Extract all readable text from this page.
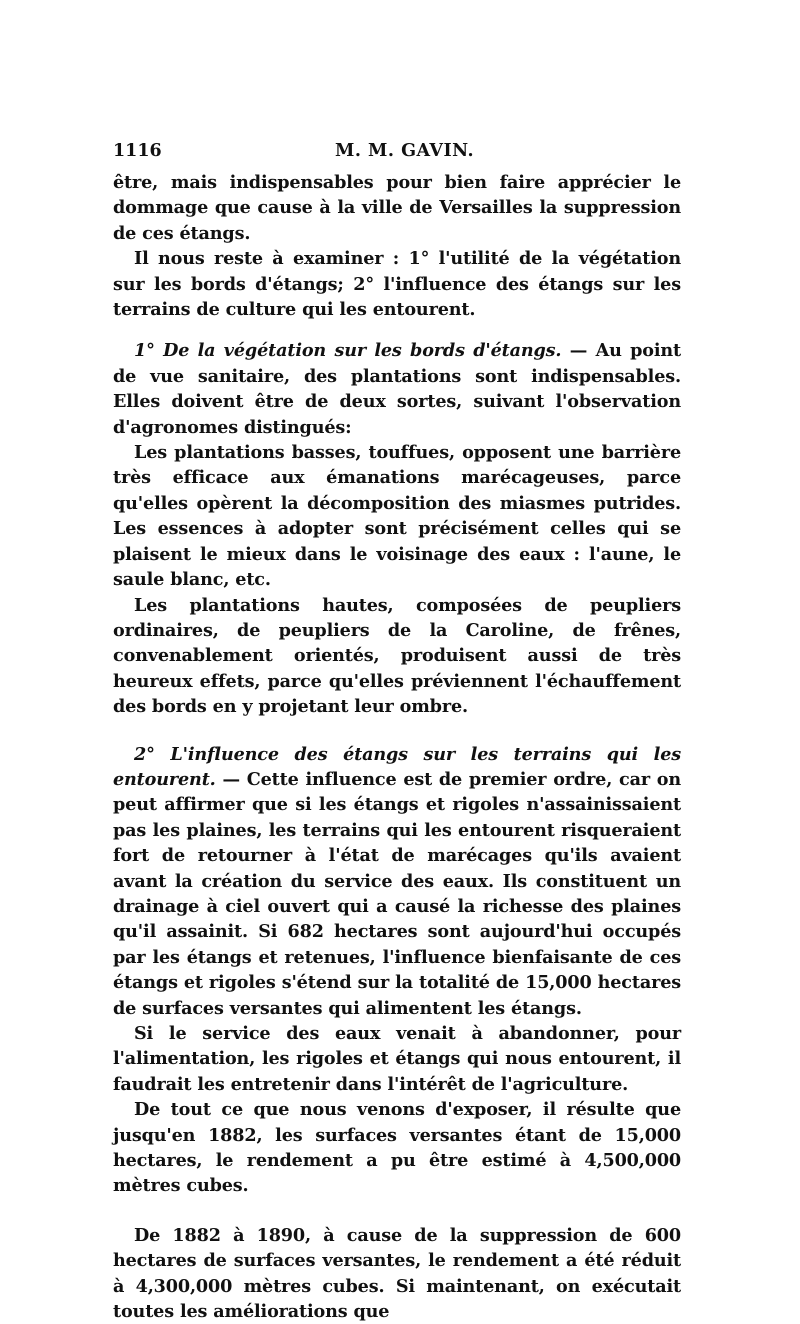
1116	M. M. GAVIN.

être, mais indispensables pour bien faire apprécier le dommage que cause à la ville de Versailles la suppression de ces étangs.

Il nous reste à examiner : 1° l'utilité de la végétation sur les bords d'étangs; 2° l'influence des étangs sur les terrains de culture qui les entourent.

1° De la végétation sur les bords d'étangs. — Au point de vue sanitaire, des plantations sont indispensables. Elles doivent être de deux sortes, suivant l'observation d'agronomes distingués:

Les plantations basses, touffues, opposent une barrière très efficace aux émanations marécageuses, parce qu'elles opèrent la décomposition des miasmes putrides. Les essences à adopter sont précisément celles qui se plaisent le mieux dans le voisinage des eaux : l'aune, le saule blanc, etc.

Les plantations hautes, composées de peupliers ordinaires, de peupliers de la Caroline, de frênes, convenablement orientés, produisent aussi de très heureux effets, parce qu'elles préviennent l'échauffement des bords en y projetant leur ombre.

2° L'influence des étangs sur les terrains qui les entourent. — Cette influence est de premier ordre, car on peut affirmer que si les étangs et rigoles n'assainissaient pas les plaines, les terrains qui les entourent risqueraient fort de retourner à l'état de marécages qu'ils avaient avant la création du service des eaux. Ils constituent un drainage à ciel ouvert qui a causé la richesse des plaines qu'il assainit. Si 682 hectares sont aujourd'hui occupés par les étangs et retenues, l'influence bienfaisante de ces étangs et rigoles s'étend sur la totalité de 15,000 hectares de surfaces versantes qui alimentent les étangs.

Si le service des eaux venait à abandonner, pour l'alimentation, les rigoles et étangs qui nous entourent, il faudrait les entretenir dans l'intérêt de l'agriculture.

De tout ce que nous venons d'exposer, il résulte que jusqu'en 1882, les surfaces versantes étant de 15,000 hectares, le rendement a pu être estimé à 4,500,000 mètres cubes.

De 1882 à 1890, à cause de la suppression de 600 hectares de surfaces versantes, le rendement a été réduit à 4,300,000 mètres cubes. Si maintenant, on exécutait toutes les améliorations que
